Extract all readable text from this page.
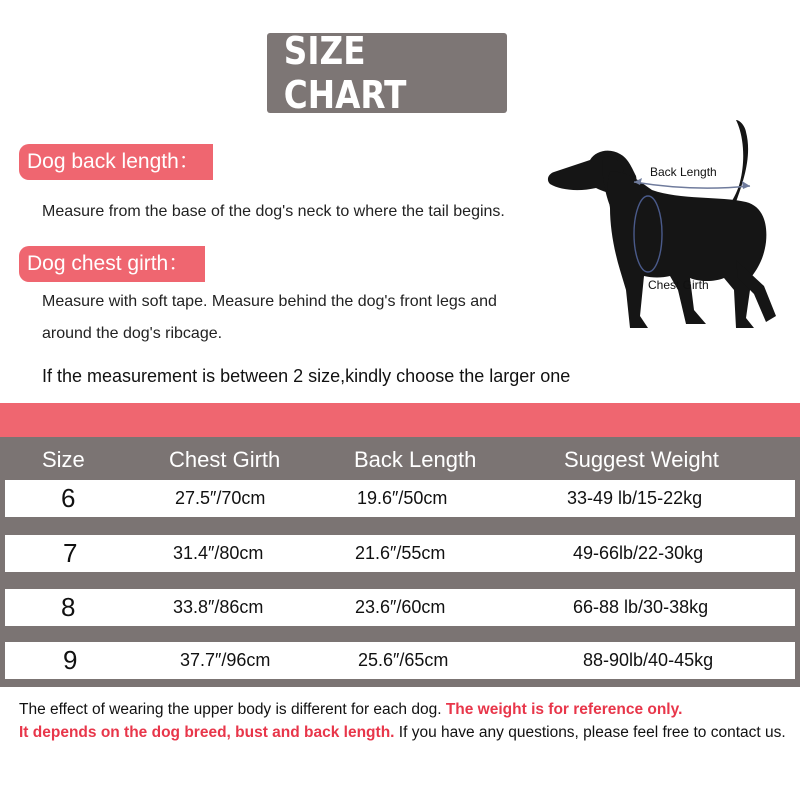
SIZE CHART
Dog back length：
Measure from the base of the dog's neck to where the tail begins.
Dog chest girth：
Measure with soft tape. Measure behind the dog's front legs and
around the dog's ribcage.
If the measurement is between 2 size,kindly choose the larger one
Back Length
Chest Girth
Size	Chest Girth	Back Length	Suggest Weight
6	27.5″/70cm	19.6″/50cm	33-49 lb/15-22kg
7	31.4″/80cm	21.6″/55cm	49-66lb/22-30kg
8	33.8″/86cm	23.6″/60cm	66-88 lb/30-38kg
9	37.7″/96cm	25.6″/65cm	88-90lb/40-45kg
The effect of wearing the upper body is different for each dog. The weight is for reference only.
It depends on the dog breed, bust and back length. If you have any questions, please feel free to contact us.
